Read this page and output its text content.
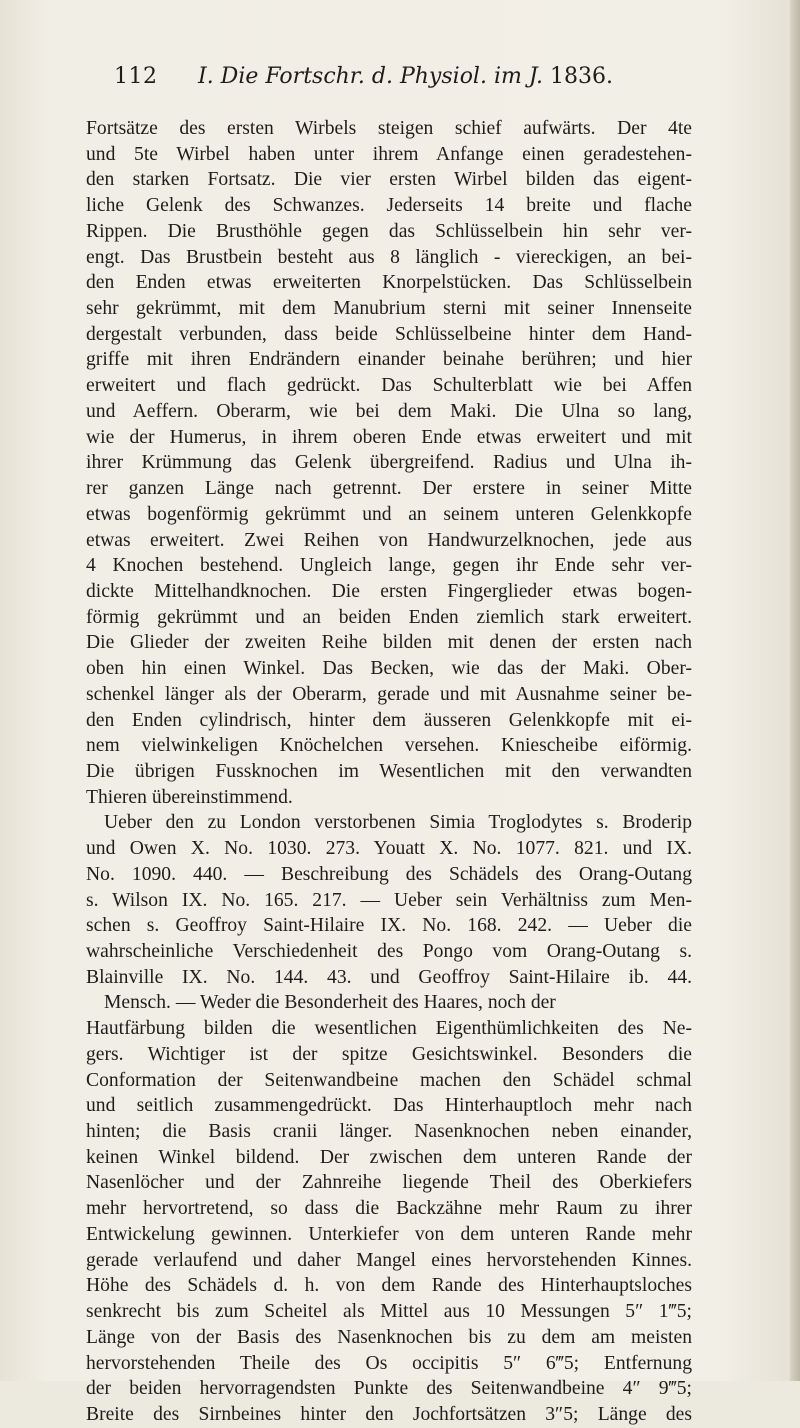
112 I. Die Fortschr. d. Physiol. im J. 1836.
Fortsätze des ersten Wirbels steigen schief aufwärts. Der 4te
und 5te Wirbel haben unter ihrem Anfange einen geradestehen-
den starken Fortsatz. Die vier ersten Wirbel bilden das eigent-
liche Gelenk des Schwanzes. Jederseits 14 breite und flache
Rippen. Die Brusthöhle gegen das Schlüsselbein hin sehr ver-
engt. Das Brustbein besteht aus 8 länglich - viereckigen, an bei-
den Enden etwas erweiterten Knorpelstücken. Das Schlüsselbein
sehr gekrümmt, mit dem Manubrium sterni mit seiner Innenseite
dergestalt verbunden, dass beide Schlüsselbeine hinter dem Hand-
griffe mit ihren Endrändern einander beinahe berühren; und hier
erweitert und flach gedrückt. Das Schulterblatt wie bei Affen
und Aeffern. Oberarm, wie bei dem Maki. Die Ulna so lang,
wie der Humerus, in ihrem oberen Ende etwas erweitert und mit
ihrer Krümmung das Gelenk übergreifend. Radius und Ulna ih-
rer ganzen Länge nach getrennt. Der erstere in seiner Mitte
etwas bogenförmig gekrümmt und an seinem unteren Gelenkkopfe
etwas erweitert. Zwei Reihen von Handwurzelknochen, jede aus
4 Knochen bestehend. Ungleich lange, gegen ihr Ende sehr ver-
dickte Mittelhandknochen. Die ersten Fingerglieder etwas bogen-
förmig gekrümmt und an beiden Enden ziemlich stark erweitert.
Die Glieder der zweiten Reihe bilden mit denen der ersten nach
oben hin einen Winkel. Das Becken, wie das der Maki. Ober-
schenkel länger als der Oberarm, gerade und mit Ausnahme seiner be-
den Enden cylindrisch, hinter dem äusseren Gelenkkopfe mit ei-
nem vielwinkeligen Knöchelchen versehen. Kniescheibe eiförmig.
Die übrigen Fussknochen im Wesentlichen mit den verwandten
Thieren übereinstimmend.
Ueber den zu London verstorbenen Simia Troglodytes s. Broderip
und Owen X. No. 1030. 273. Youatt X. No. 1077. 821. und IX.
No. 1090. 440. — Beschreibung des Schädels des Orang-Outang
s. Wilson IX. No. 165. 217. — Ueber sein Verhältniss zum Men-
schen s. Geoffroy Saint-Hilaire IX. No. 168. 242. — Ueber die
wahrscheinliche Verschiedenheit des Pongo vom Orang-Outang s.
Blainville IX. No. 144. 43. und Geoffroy Saint-Hilaire ib. 44.
Mensch. — Weder die Besonderheit des Haares, noch der
Hautfärbung bilden die wesentlichen Eigenthümlichkeiten des Ne-
gers. Wichtiger ist der spitze Gesichtswinkel. Besonders die
Conformation der Seitenwandbeine machen den Schädel schmal
und seitlich zusammengedrückt. Das Hinterhauptloch mehr nach
hinten; die Basis cranii länger. Nasenknochen neben einander,
keinen Winkel bildend. Der zwischen dem unteren Rande der
Nasenlöcher und der Zahnreihe liegende Theil des Oberkiefers
mehr hervortretend, so dass die Backzähne mehr Raum zu ihrer
Entwickelung gewinnen. Unterkiefer von dem unteren Rande mehr
gerade verlaufend und daher Mangel eines hervorstehenden Kinnes.
Höhe des Schädels d. h. von dem Rande des Hinterhauptsloches
senkrecht bis zum Scheitel als Mittel aus 10 Messungen 5″ 1‴5;
Länge von der Basis des Nasenknochen bis zu dem am meisten
hervorstehenden Theile des Os occipitis 5″ 6‴5; Entfernung
der beiden hervorragendsten Punkte des Seitenwandbeine 4″ 9‴5;
Breite des Sirnbeines hinter den Jochfortsätzen 3″5; Länge des
